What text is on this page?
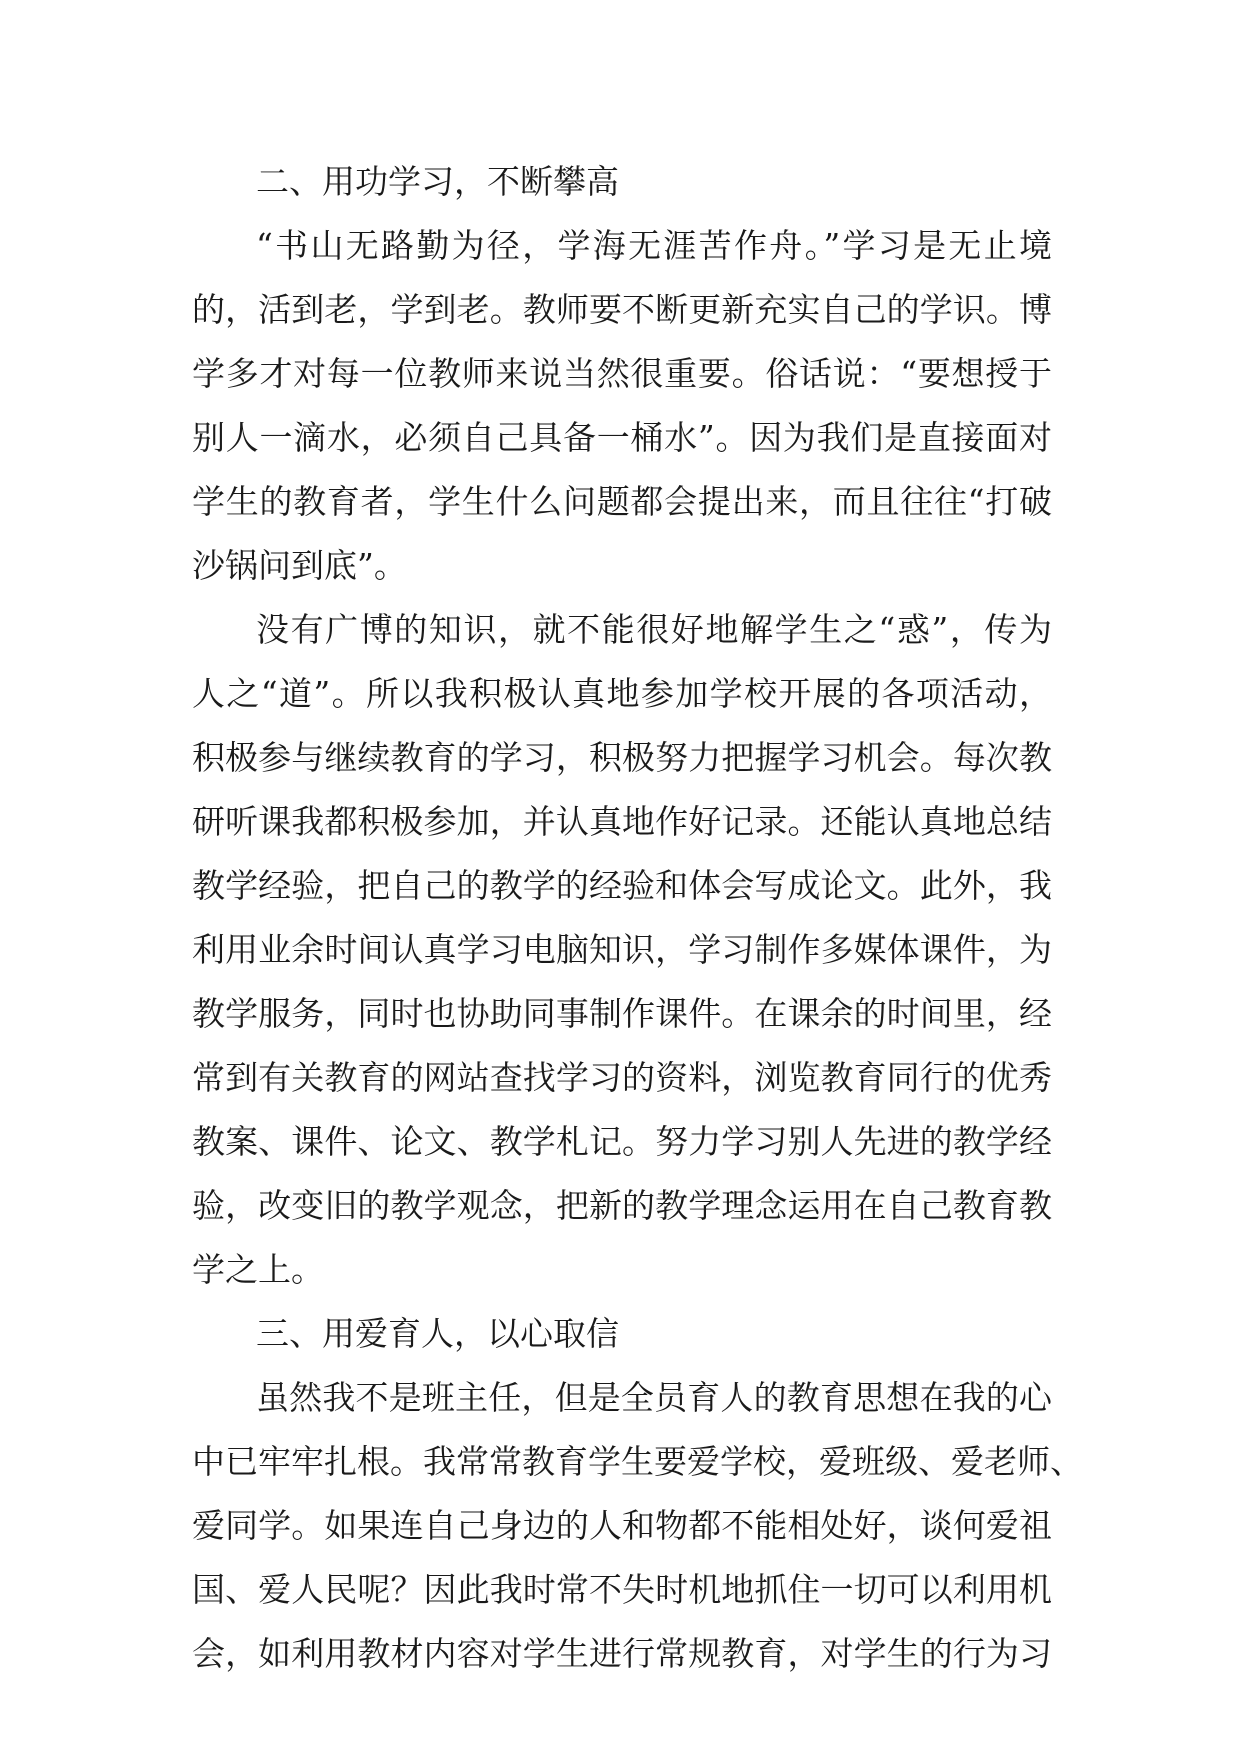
二、用功学习，不断攀高

“书山无路勤为径，学海无涯苦作舟。”学习是无止境

的，活到老，学到老。教师要不断更新充实自己的学识。博

学多才对每一位教师来说当然很重要。俗话说：“要想授于

别人一滴水，必须自己具备一桶水”。因为我们是直接面对

学生的教育者，学生什么问题都会提出来，而且往往“打破

沙锅问到底”。

没有广博的知识，就不能很好地解学生之“惑”，传为

人之“道”。所以我积极认真地参加学校开展的各项活动，

积极参与继续教育的学习，积极努力把握学习机会。每次教

研听课我都积极参加，并认真地作好记录。还能认真地总结

教学经验，把自己的教学的经验和体会写成论文。此外，我

利用业余时间认真学习电脑知识，学习制作多媒体课件，为

教学服务，同时也协助同事制作课件。在课余的时间里，经

常到有关教育的网站查找学习的资料，浏览教育同行的优秀

教案、课件、论文、教学札记。努力学习别人先进的教学经

验，改变旧的教学观念，把新的教学理念运用在自己教育教

学之上。

三、用爱育人，以心取信

虽然我不是班主任，但是全员育人的教育思想在我的心

中已牢牢扎根。我常常教育学生要爱学校，爱班级、爱老师、

爱同学。如果连自己身边的人和物都不能相处好，谈何爱祖

国、爱人民呢？因此我时常不失时机地抓住一切可以利用机

会，如利用教材内容对学生进行常规教育，对学生的行为习
